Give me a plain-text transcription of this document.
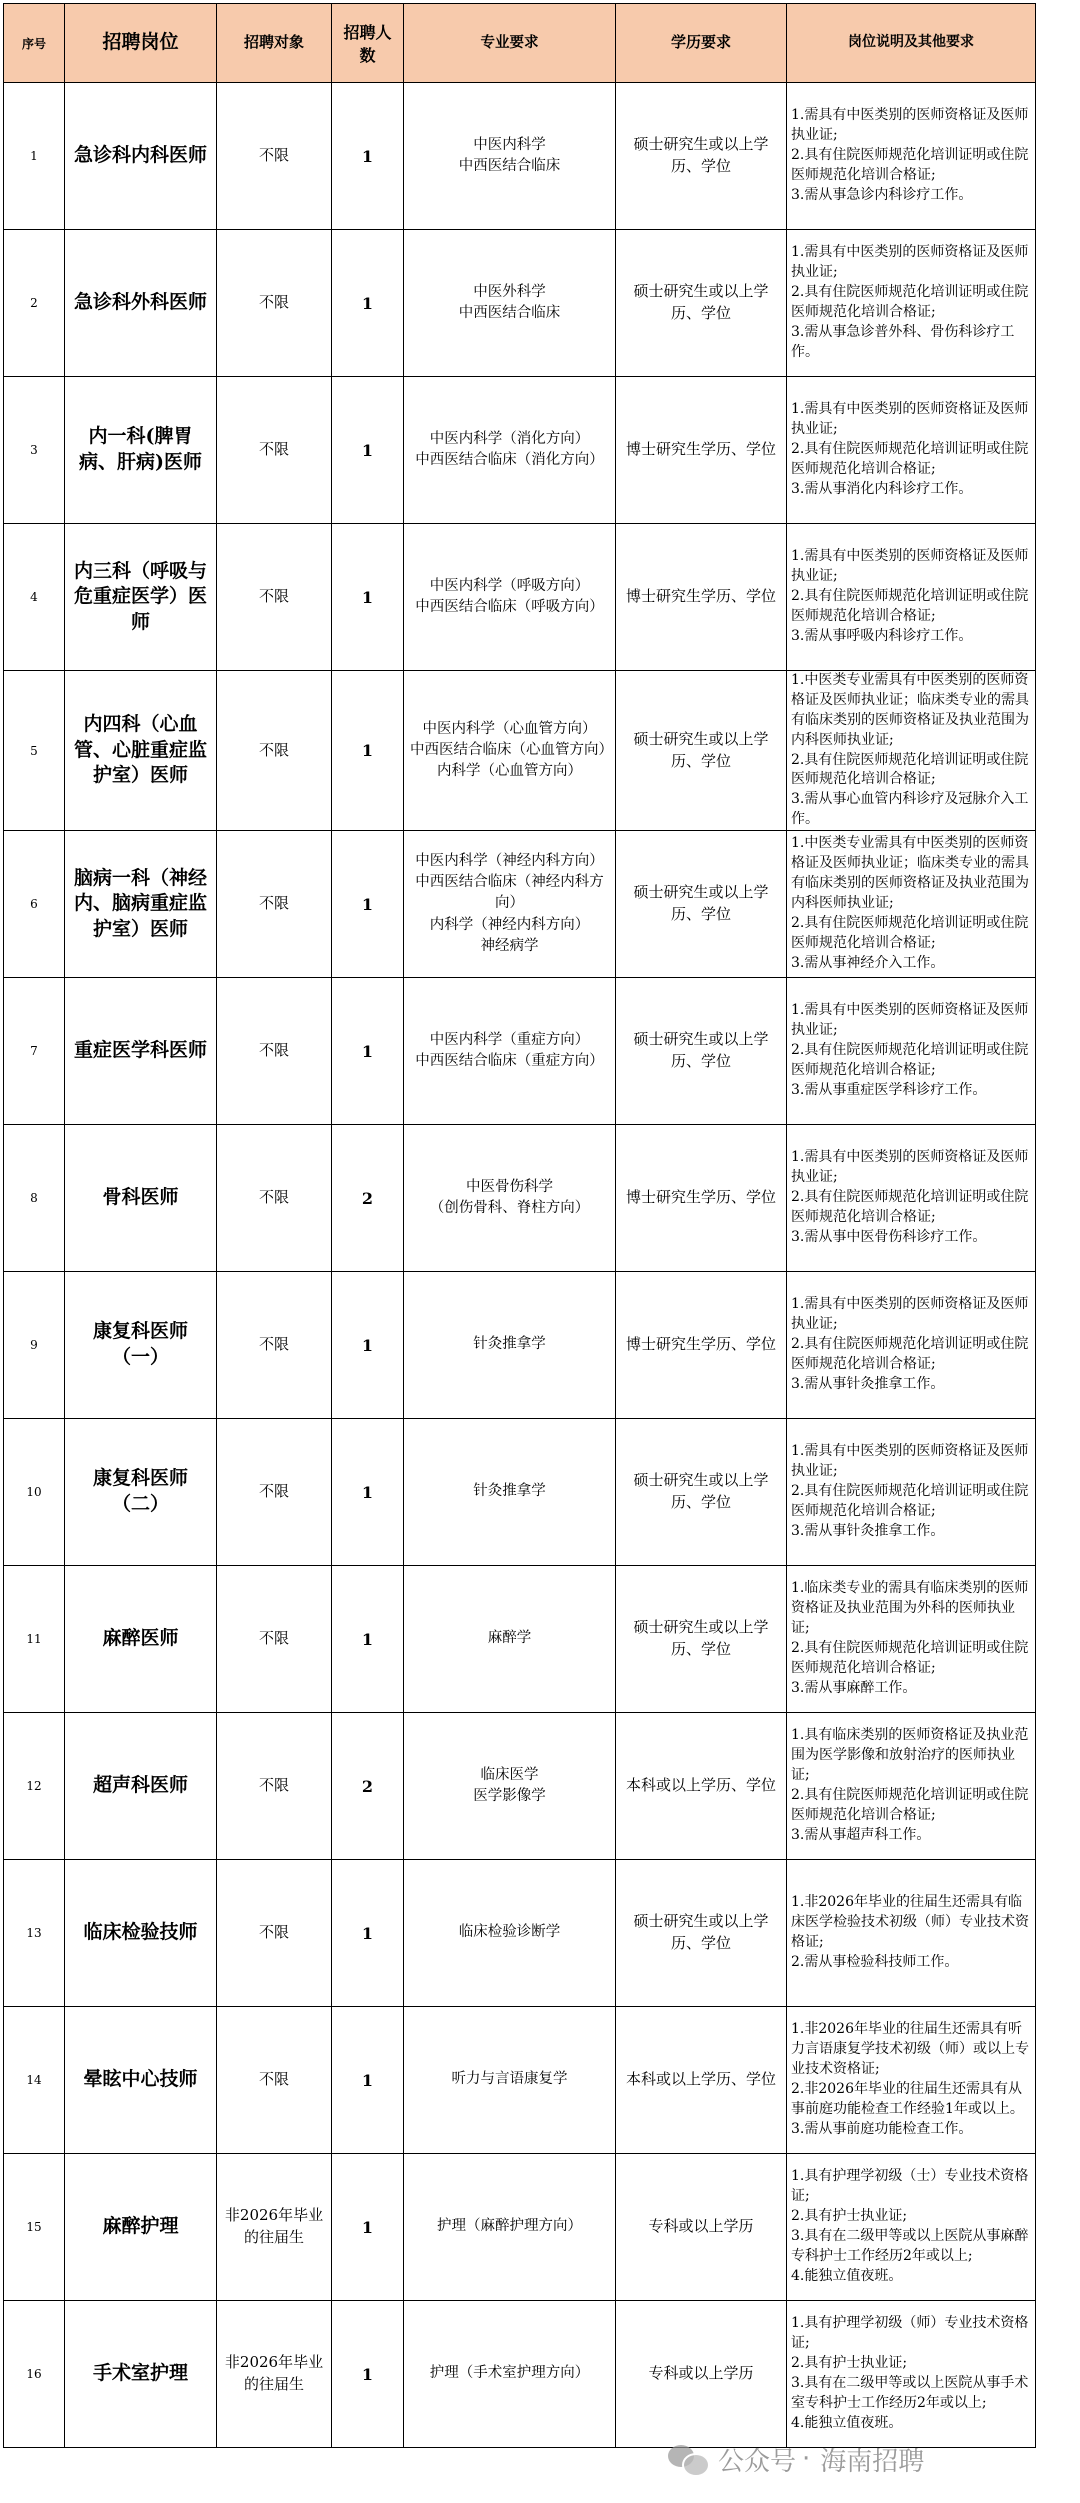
序号	招聘岗位	招聘对象	招聘人数	专业要求	学历要求	岗位说明及其他要求
1	急诊科内科医师	不限	1	中医内科学
中西医结合临床	硕士研究生或以上学历、学位	1.需具有中医类别的医师资格证及医师执业证;
2.具有住院医师规范化培训证明或住院医师规范化培训合格证;
3.需从事急诊内科诊疗工作。

2	急诊科外科医师	不限	1	中医外科学
中西医结合临床	硕士研究生或以上学历、学位	1.需具有中医类别的医师资格证及医师执业证;
2.具有住院医师规范化培训证明或住院医师规范化培训合格证;
3.需从事急诊普外科、骨伤科诊疗工作。

3	内一科(脾胃病、肝病)医师	不限	1	中医内科学（消化方向）
中西医结合临床（消化方向）	博士研究生学历、学位	1.需具有中医类别的医师资格证及医师执业证;
2.具有住院医师规范化培训证明或住院医师规范化培训合格证;
3.需从事消化内科诊疗工作。

4	内三科（呼吸与危重症医学）医师	不限	1	中医内科学（呼吸方向）
中西医结合临床（呼吸方向）	博士研究生学历、学位	1.需具有中医类别的医师资格证及医师执业证;
2.具有住院医师规范化培训证明或住院医师规范化培训合格证;
3.需从事呼吸内科诊疗工作。

5	内四科（心血管、心脏重症监护室）医师	不限	1	中医内科学（心血管方向）
中西医结合临床（心血管方向）
内科学（心血管方向）	硕士研究生或以上学历、学位	1.中医类专业需具有中医类别的医师资格证及医师执业证；临床类专业的需具有临床类别的医师资格证及执业范围为内科医师执业证;
2.具有住院医师规范化培训证明或住院医师规范化培训合格证;
3.需从事心血管内科诊疗及冠脉介入工作。

6	脑病一科（神经内、脑病重症监护室）医师	不限	1	中医内科学（神经内科方向）
中西医结合临床（神经内科方向）
内科学（神经内科方向）
神经病学	硕士研究生或以上学历、学位	1.中医类专业需具有中医类别的医师资格证及医师执业证；临床类专业的需具有临床类别的医师资格证及执业范围为内科医师执业证;
2.具有住院医师规范化培训证明或住院医师规范化培训合格证;
3.需从事神经介入工作。

7	重症医学科医师	不限	1	中医内科学（重症方向）
中西医结合临床（重症方向）	硕士研究生或以上学历、学位	1.需具有中医类别的医师资格证及医师执业证;
2.具有住院医师规范化培训证明或住院医师规范化培训合格证;
3.需从事重症医学科诊疗工作。

8	骨科医师	不限	2	中医骨伤科学
（创伤骨科、脊柱方向）	博士研究生学历、学位	1.需具有中医类别的医师资格证及医师执业证;
2.具有住院医师规范化培训证明或住院医师规范化培训合格证;
3.需从事中医骨伤科诊疗工作。

9	康复科医师（一）	不限	1	针灸推拿学	博士研究生学历、学位	1.需具有中医类别的医师资格证及医师执业证;
2.具有住院医师规范化培训证明或住院医师规范化培训合格证;
3.需从事针灸推拿工作。

10	康复科医师（二）	不限	1	针灸推拿学	硕士研究生或以上学历、学位	1.需具有中医类别的医师资格证及医师执业证;
2.具有住院医师规范化培训证明或住院医师规范化培训合格证;
3.需从事针灸推拿工作。

11	麻醉医师	不限	1	麻醉学	硕士研究生或以上学历、学位	1.临床类专业的需具有临床类别的医师资格证及执业范围为外科的医师执业证;
2.具有住院医师规范化培训证明或住院医师规范化培训合格证;
3.需从事麻醉工作。

12	超声科医师	不限	2	临床医学
医学影像学	本科或以上学历、学位	1.具有临床类别的医师资格证及执业范围为医学影像和放射治疗的医师执业证;
2.具有住院医师规范化培训证明或住院医师规范化培训合格证;
3.需从事超声科工作。

13	临床检验技师	不限	1	临床检验诊断学	硕士研究生或以上学历、学位	1.非2026年毕业的往届生还需具有临床医学检验技术初级（师）专业技术资格证;
2.需从事检验科技师工作。

14	晕眩中心技师	不限	1	听力与言语康复学	本科或以上学历、学位	1.非2026年毕业的往届生还需具有听力言语康复学技术初级（师）或以上专业技术资格证;
2.非2026年毕业的往届生还需具有从事前庭功能检查工作经验1年或以上。
3.需从事前庭功能检查工作。

15	麻醉护理	非2026年毕业的往届生	1	护理（麻醉护理方向）	专科或以上学历	1.具有护理学初级（士）专业技术资格证;
2.具有护士执业证;
3.具有在二级甲等或以上医院从事麻醉专科护士工作经历2年或以上;
4.能独立值夜班。

16	手术室护理	非2026年毕业的往届生	1	护理（手术室护理方向）	专科或以上学历	1.具有护理学初级（师）专业技术资格证;
2.具有护士执业证;
3.具有在二级甲等或以上医院从事手术室专科护士工作经历2年或以上;
4.能独立值夜班。
公众号 · 海南招聘
